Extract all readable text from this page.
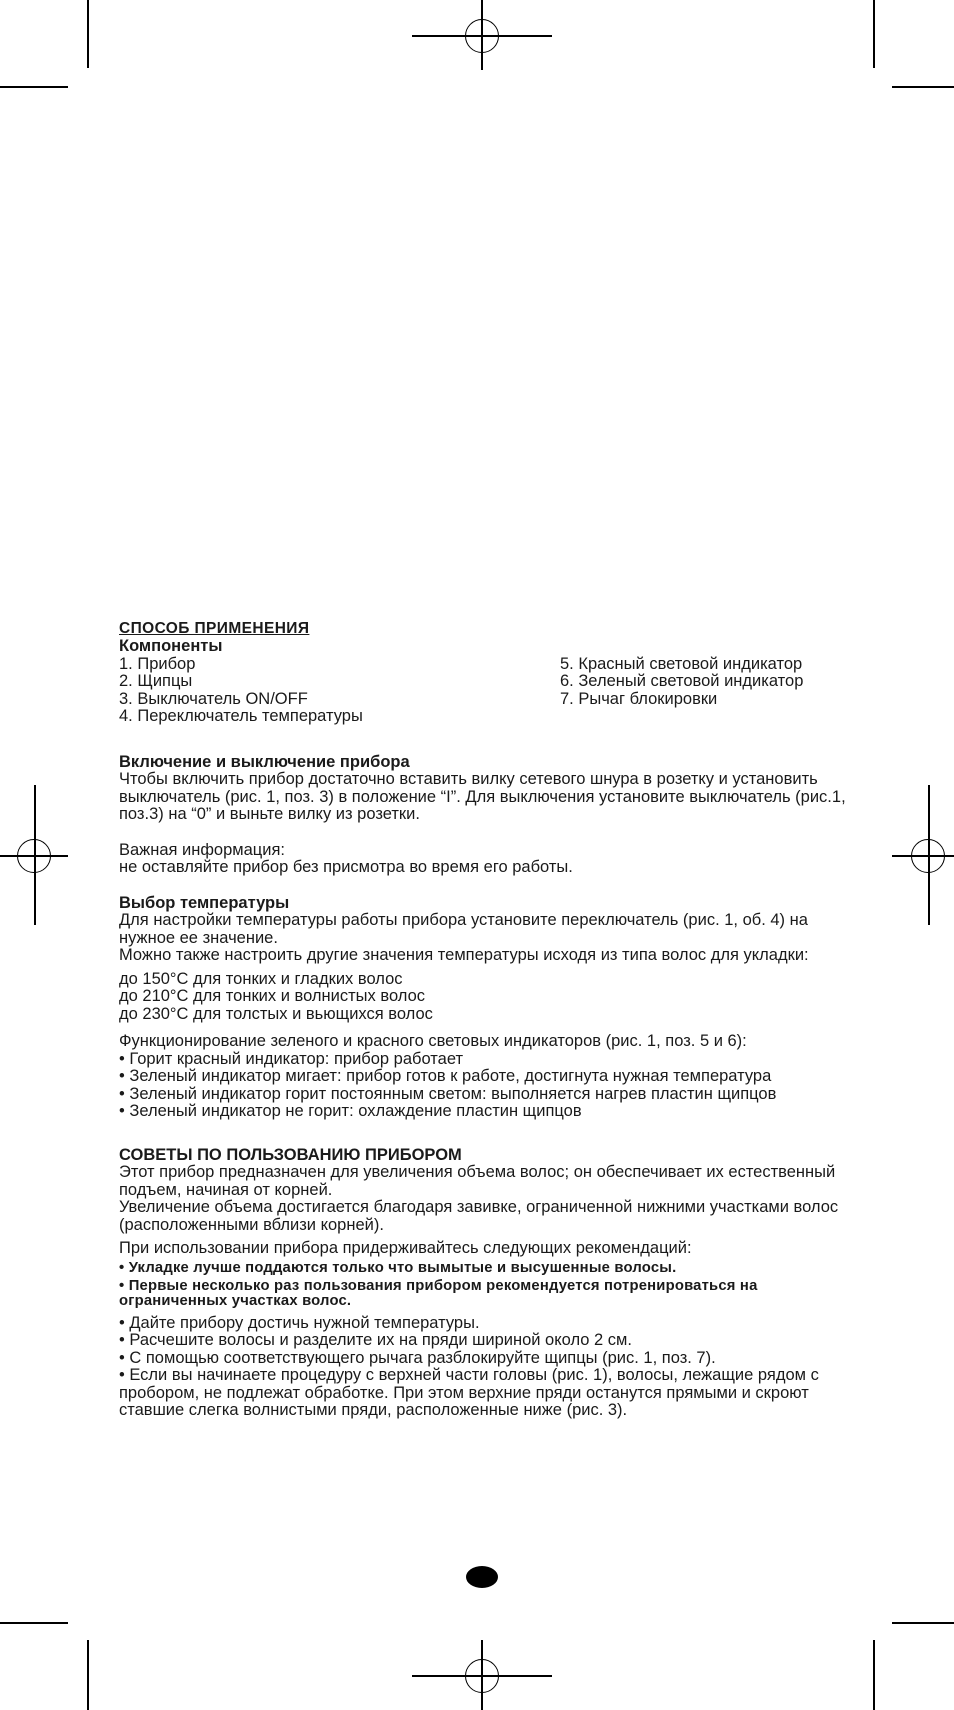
СПОСОБ ПРИМЕНЕНИЯ

Компоненты

1. Прибор

2. Щипцы

3. Выключатель ON/OFF

4. Переключатель температуры

5. Красный световой индикатор

6. Зеленый световой индикатор

7. Рычаг блокировки

Включение и выключение прибора

Чтобы включить прибор достаточно вставить вилку сетевого шнура в розетку и установить выключатель (рис. 1, поз. 3) в положение “I”. Для выключения установите выключатель (рис.1, поз.3) на “0” и выньте вилку из розетки.

Важная информация:

не оставляйте прибор без присмотра во время его работы.

Выбор температуры

Для настройки температуры работы прибора установите переключатель (рис. 1, об. 4) на нужное ее значение.

Можно также настроить другие значения температуры исходя из типа волос для укладки:

до 150°C для тонких и гладких волос

до 210°C для тонких и волнистых волос

до 230°C для толстых и вьющихся волос

Функционирование зеленого и красного световых индикаторов (рис. 1, поз. 5 и 6):

• Горит красный индикатор: прибор работает

• Зеленый индикатор мигает: прибор готов к работе, достигнута нужная температура

• Зеленый индикатор горит постоянным светом: выполняется нагрев пластин щипцов

• Зеленый индикатор не горит: охлаждение пластин щипцов

СОВЕТЫ ПО ПОЛЬЗОВАНИЮ ПРИБОРОМ

Этот прибор предназначен для увеличения объема волос; он обеспечивает их естественный подъем, начиная от корней.

Увеличение объема достигается благодаря завивке, ограниченной нижними участками волос (расположенными вблизи корней).

При использовании прибора придерживайтесь следующих рекомендаций:

• Укладке лучше поддаются только что вымытые и высушенные волосы.

• Первые несколько раз пользования прибором рекомендуется потренироваться на ограниченных участках волос.

• Дайте прибору достичь нужной температуры.

• Расчешите волосы и разделите их на пряди шириной около 2 см.

• С помощью соответствующего рычага разблокируйте щипцы (рис. 1, поз. 7).

• Если вы начинаете процедуру с верхней части головы (рис. 1), волосы, лежащие рядом с пробором, не подлежат обработке. При этом верхние пряди останутся прямыми и скроют ставшие слегка волнистыми пряди, расположенные ниже (рис. 3).
